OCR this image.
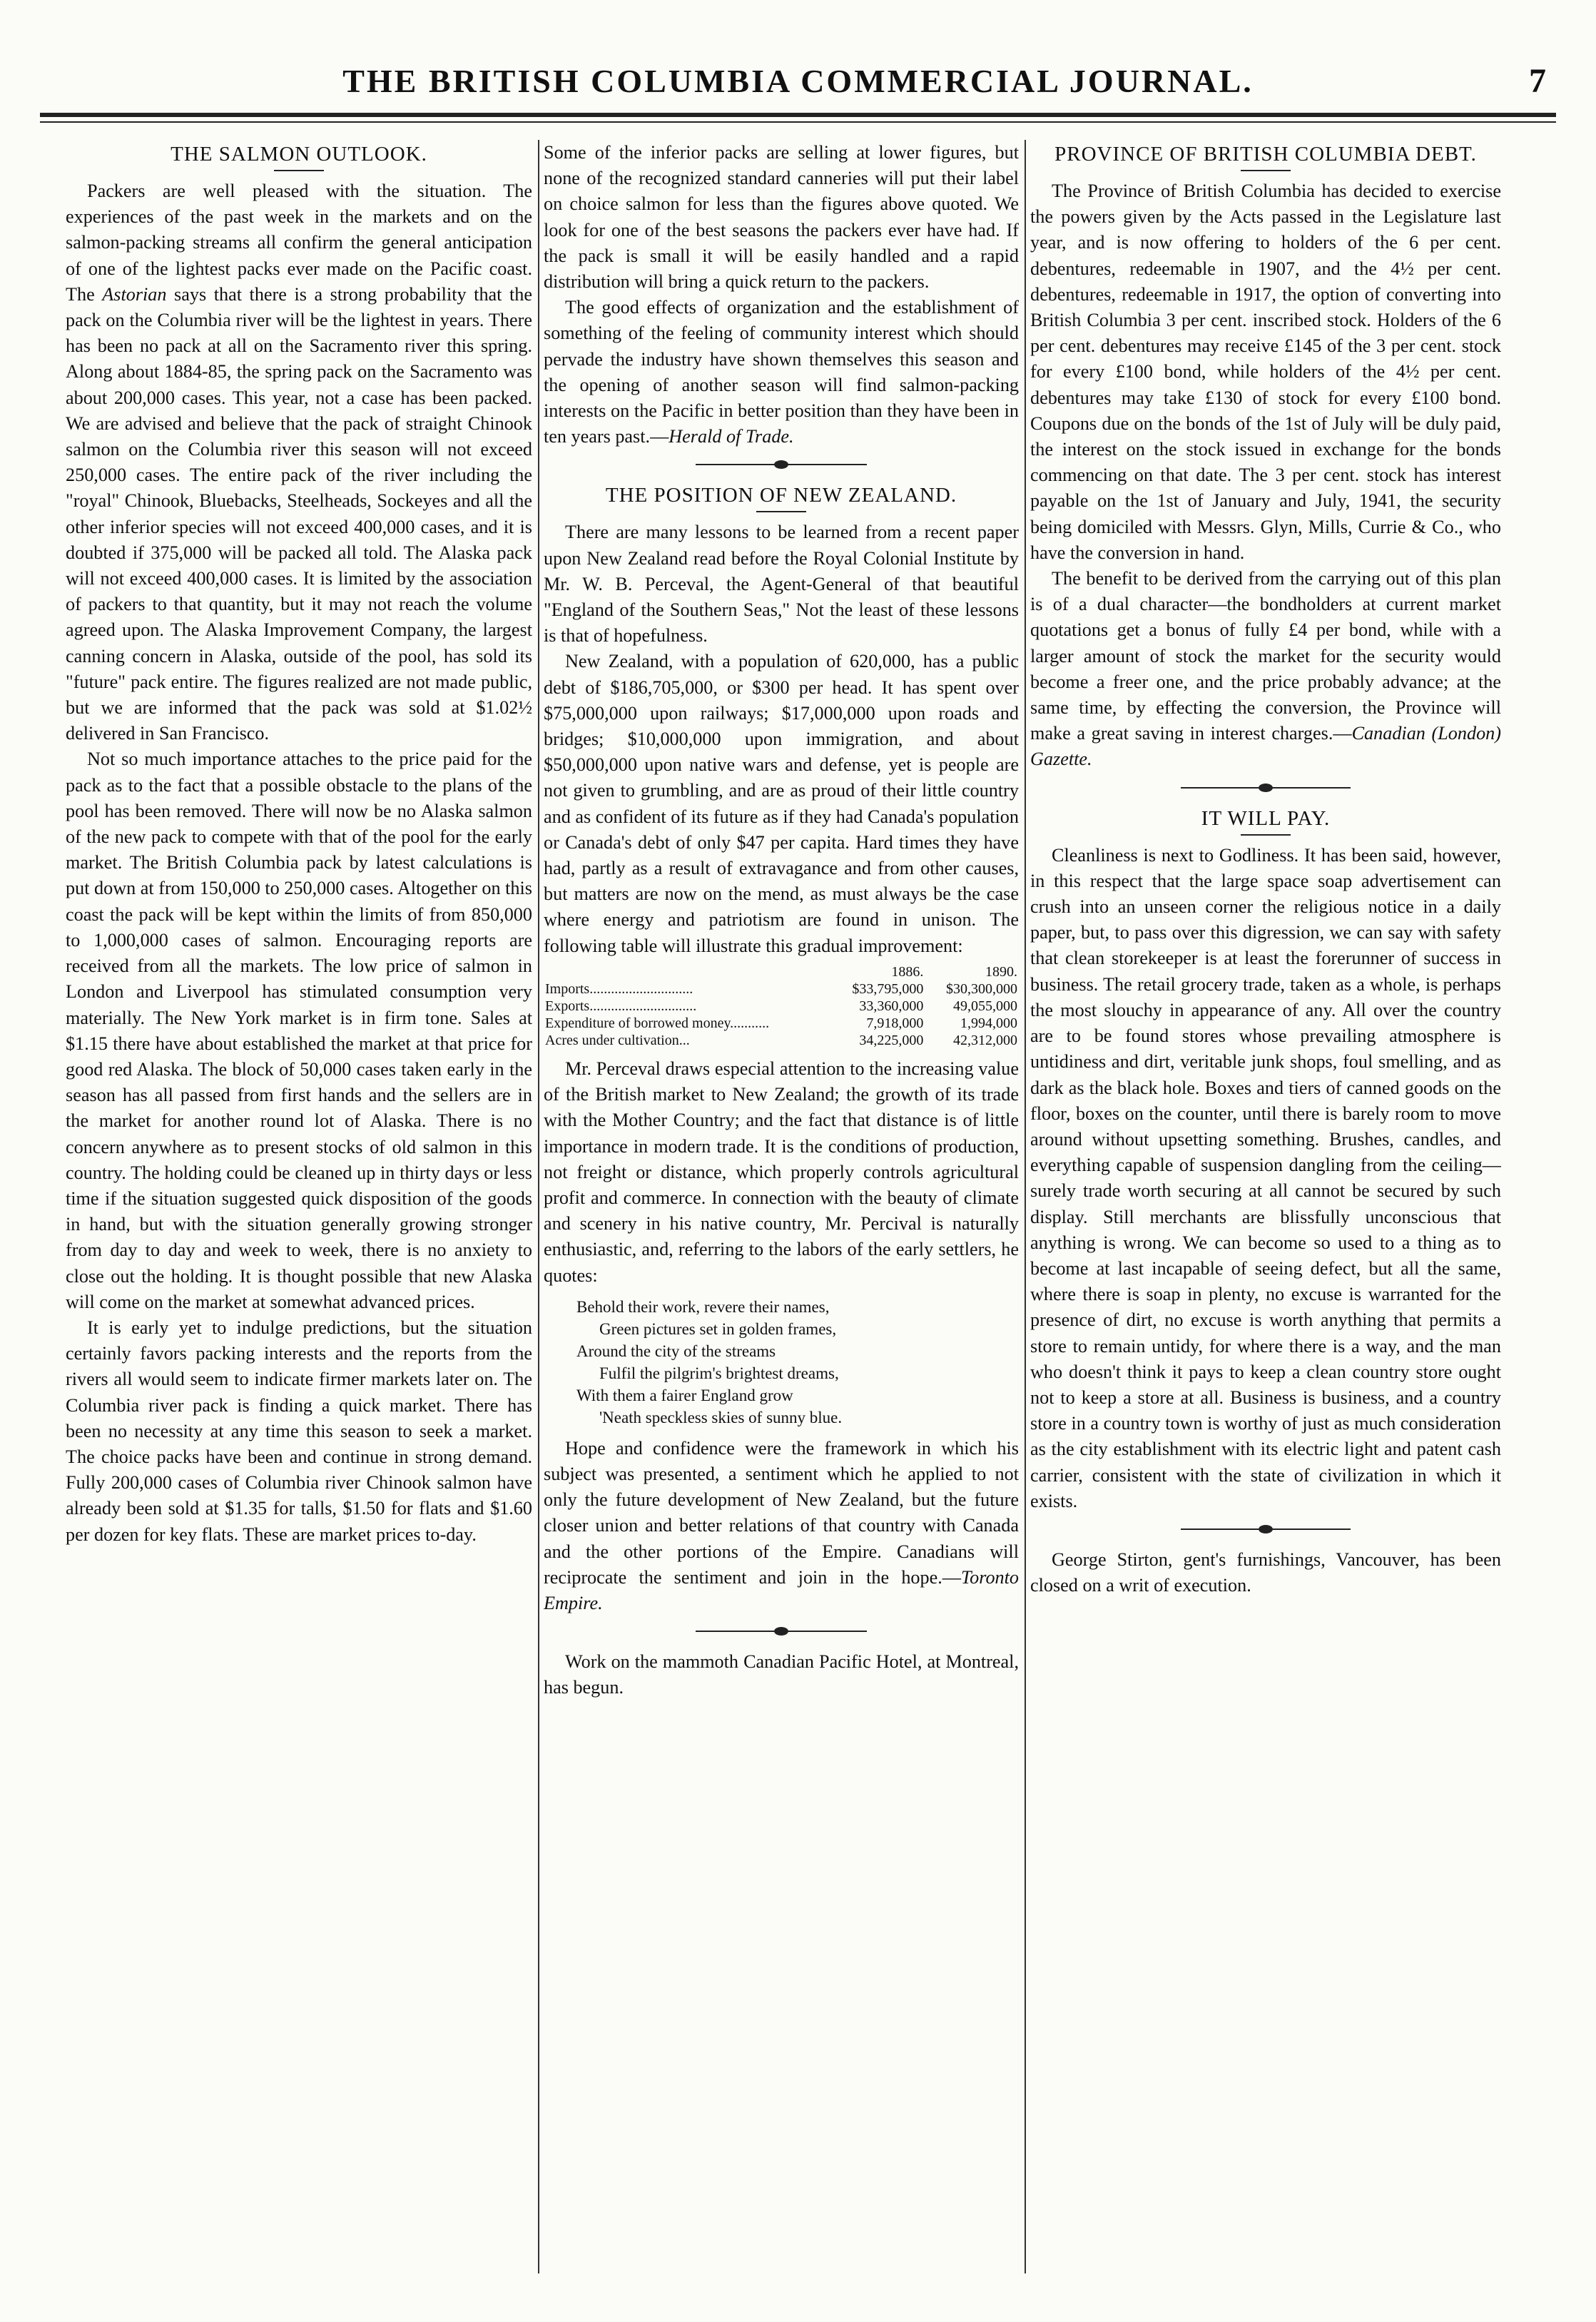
THE BRITISH COLUMBIA COMMERCIAL JOURNAL.	7
THE SALMON OUTLOOK.

Packers are well pleased with the situation. The experiences of the past week in the markets and on the salmon-packing streams all confirm the general anticipation of one of the lightest packs ever made on the Pacific coast. The Astorian says that there is a strong probability that the pack on the Columbia river will be the lightest in years. There has been no pack at all on the Sacramento river this spring. Along about 1884-85, the spring pack on the Sacramento was about 200,000 cases. This year, not a case has been packed. We are advised and believe that the pack of straight Chinook salmon on the Columbia river this season will not exceed 250,000 cases. The entire pack of the river including the "royal" Chinook, Bluebacks, Steelheads, Sockeyes and all the other inferior species will not exceed 400,000 cases, and it is doubted if 375,000 will be packed all told. The Alaska pack will not exceed 400,000 cases. It is limited by the association of packers to that quantity, but it may not reach the volume agreed upon. The Alaska Improvement Company, the largest canning concern in Alaska, outside of the pool, has sold its "future" pack entire. The figures realized are not made public, but we are informed that the pack was sold at $1.02½ delivered in San Francisco.

Not so much importance attaches to the price paid for the pack as to the fact that a possible obstacle to the plans of the pool has been removed. There will now be no Alaska salmon of the new pack to compete with that of the pool for the early market. The British Columbia pack by latest calculations is put down at from 150,000 to 250,000 cases. Altogether on this coast the pack will be kept within the limits of from 850,000 to 1,000,000 cases of salmon. Encouraging reports are received from all the markets. The low price of salmon in London and Liverpool has stimulated consumption very materially. The New York market is in firm tone. Sales at $1.15 there have about established the market at that price for good red Alaska. The block of 50,000 cases taken early in the season has all passed from first hands and the sellers are in the market for another round lot of Alaska. There is no concern anywhere as to present stocks of old salmon in this country. The holding could be cleaned up in thirty days or less time if the situation suggested quick disposition of the goods in hand, but with the situation generally growing stronger from day to day and week to week, there is no anxiety to close out the holding. It is thought possible that new Alaska will come on the market at somewhat advanced prices.

It is early yet to indulge predictions, but the situation certainly favors packing interests and the reports from the rivers all would seem to indicate firmer markets later on. The Columbia river pack is finding a quick market. There has been no necessity at any time this season to seek a market. The choice packs have been and continue in strong demand. Fully 200,000 cases of Columbia river Chinook salmon have already been sold at $1.35 for talls, $1.50 for flats and $1.60 per dozen for key flats. These are market prices to-day.

Some of the inferior packs are selling at lower figures, but none of the recognized standard canneries will put their label on choice salmon for less than the figures above quoted. We look for one of the best seasons the packers ever have had. If the pack is small it will be easily handled and a rapid distribution will bring a quick return to the packers.

The good effects of organization and the establishment of something of the feeling of community interest which should pervade the industry have shown themselves this season and the opening of another season will find salmon-packing interests on the Pacific in better position than they have been in ten years past.—Herald of Trade.

THE POSITION OF NEW ZEALAND.

There are many lessons to be learned from a recent paper upon New Zealand read before the Royal Colonial Institute by Mr. W. B. Perceval, the Agent-General of that beautiful "England of the Southern Seas," Not the least of these lessons is that of hopefulness.

New Zealand, with a population of 620,000, has a public debt of $186,705,000, or $300 per head. It has spent over $75,000,000 upon railways; $17,000,000 upon roads and bridges; $10,000,000 upon immigration, and about $50,000,000 upon native wars and defense, yet is people are not given to grumbling, and are as proud of their little country and as confident of its future as if they had Canada's population or Canada's debt of only $47 per capita. Hard times they have had, partly as a result of extravagance and from other causes, but matters are now on the mend, as must always be the case where energy and patriotism are found in unison. The following table will illustrate this gradual improvement:

	1886.	1890.
Imports.............................	$33,795,000	$30,300,000
Exports..............................	33,360,000	49,055,000
Expenditure of borrowed money...........	7,918,000	1,994,000
Acres under cultivation...	34,225,000	42,312,000

Mr. Perceval draws especial attention to the increasing value of the British market to New Zealand; the growth of its trade with the Mother Country; and the fact that distance is of little importance in modern trade. It is the conditions of production, not freight or distance, which properly controls agricultural profit and commerce. In connection with the beauty of climate and scenery in his native country, Mr. Percival is naturally enthusiastic, and, referring to the labors of the early settlers, he quotes:

Behold their work, revere their names,
Green pictures set in golden frames,
Around the city of the streams
Fulfil the pilgrim's brightest dreams,
With them a fairer England grow
'Neath speckless skies of sunny blue.

Hope and confidence were the framework in which his subject was presented, a sentiment which he applied to not only the future development of New Zealand, but the future closer union and better relations of that country with Canada and the other portions of the Empire. Canadians will reciprocate the sentiment and join in the hope.—Toronto Empire.

Work on the mammoth Canadian Pacific Hotel, at Montreal, has begun.

PROVINCE OF BRITISH COLUMBIA DEBT.

The Province of British Columbia has decided to exercise the powers given by the Acts passed in the Legislature last year, and is now offering to holders of the 6 per cent. debentures, redeemable in 1907, and the 4½ per cent. debentures, redeemable in 1917, the option of converting into British Columbia 3 per cent. inscribed stock. Holders of the 6 per cent. debentures may receive £145 of the 3 per cent. stock for every £100 bond, while holders of the 4½ per cent. debentures may take £130 of stock for every £100 bond. Coupons due on the bonds of the 1st of July will be duly paid, the interest on the stock issued in exchange for the bonds commencing on that date. The 3 per cent. stock has interest payable on the 1st of January and July, 1941, the security being domiciled with Messrs. Glyn, Mills, Currie & Co., who have the conversion in hand.

The benefit to be derived from the carrying out of this plan is of a dual character—the bondholders at current market quotations get a bonus of fully £4 per bond, while with a larger amount of stock the market for the security would become a freer one, and the price probably advance; at the same time, by effecting the conversion, the Province will make a great saving in interest charges.—Canadian (London) Gazette.

IT WILL PAY.

Cleanliness is next to Godliness. It has been said, however, in this respect that the large space soap advertisement can crush into an unseen corner the religious notice in a daily paper, but, to pass over this digression, we can say with safety that clean storekeeper is at least the forerunner of success in business. The retail grocery trade, taken as a whole, is perhaps the most slouchy in appearance of any. All over the country are to be found stores whose prevailing atmosphere is untidiness and dirt, veritable junk shops, foul smelling, and as dark as the black hole. Boxes and tiers of canned goods on the floor, boxes on the counter, until there is barely room to move around without upsetting something. Brushes, candles, and everything capable of suspension dangling from the ceiling—surely trade worth securing at all cannot be secured by such display. Still merchants are blissfully unconscious that anything is wrong. We can become so used to a thing as to become at last incapable of seeing defect, but all the same, where there is soap in plenty, no excuse is warranted for the presence of dirt, no excuse is worth anything that permits a store to remain untidy, for where there is a way, and the man who doesn't think it pays to keep a clean country store ought not to keep a store at all. Business is business, and a country store in a country town is worthy of just as much consideration as the city establishment with its electric light and patent cash carrier, consistent with the state of civilization in which it exists.

George Stirton, gent's furnishings, Vancouver, has been closed on a writ of execution.
